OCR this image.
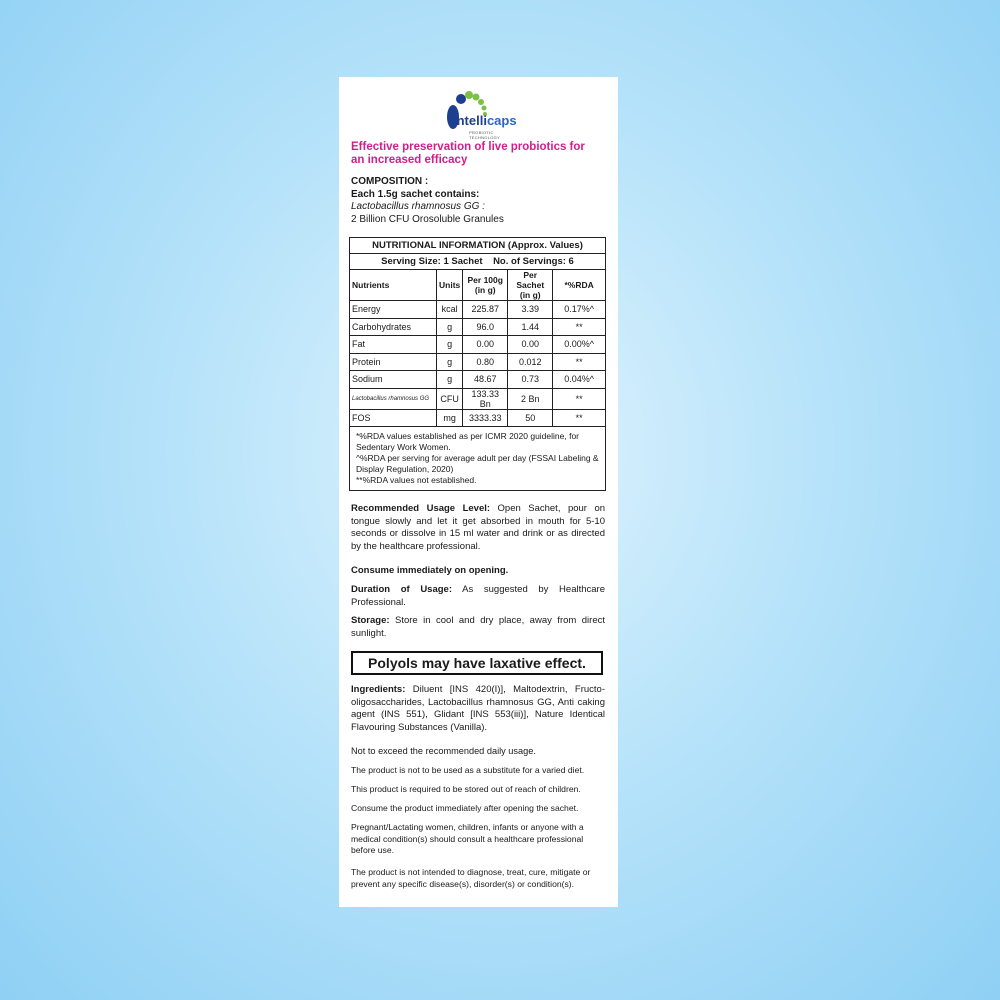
Intellicaps
PROBIOTIC TECHNOLOGY
Effective preservation of live probiotics for an increased efficacy
COMPOSITION :
Each 1.5g sachet contains:
Lactobacillus rhamnosus GG :
2 Billion CFU Orosoluble Granules
NUTRITIONAL INFORMATION (Approx. Values)				
Serving Size: 1 Sachet    No. of Servings: 6				
Nutrients	Units	Per 100g (in g)	Per Sachet (in g)	*%RDA
Energy	kcal	225.87	3.39	0.17%^
Carbohydrates	g	96.0	1.44	**
Fat	g	0.00	0.00	0.00%^
Protein	g	0.80	0.012	**
Sodium	g	48.67	0.73	0.04%^
Lactobacillus rhamnosus GG	CFU	133.33 Bn	2 Bn	**
FOS	mg	3333.33	50	**

*%RDA values established as per ICMR 2020 guideline, for Sedentary Work Women.
^%RDA per serving for average adult per day (FSSAI Labeling & Display Regulation, 2020)
**%RDA values not established.				
Recommended Usage Level: Open Sachet, pour on tongue slowly and let it get absorbed in mouth for 5-10 seconds or dissolve in 15 ml water and drink or as directed by the healthcare professional.
Consume immediately on opening.
Duration of Usage: As suggested by Healthcare Professional.
Storage: Store in cool and dry place, away from direct sunlight.
Polyols may have laxative effect.
Ingredients: Diluent [INS 420(I)], Maltodextrin, Fructo-oligosaccharides, Lactobacillus rhamnosus GG, Anti caking agent (INS 551), Glidant [INS 553(iii)], Nature Identical Flavouring Substances (Vanilla).
Not to exceed the recommended daily usage.
The product is not to be used as a substitute for a varied diet.
This product is required to be stored out of reach of children.
Consume the product immediately after opening the sachet.
Pregnant/Lactating women, children, infants or anyone with a medical condition(s) should consult a healthcare professional before use.
The product is not intended to diagnose, treat, cure, mitigate or prevent any specific disease(s), disorder(s) or condition(s).
